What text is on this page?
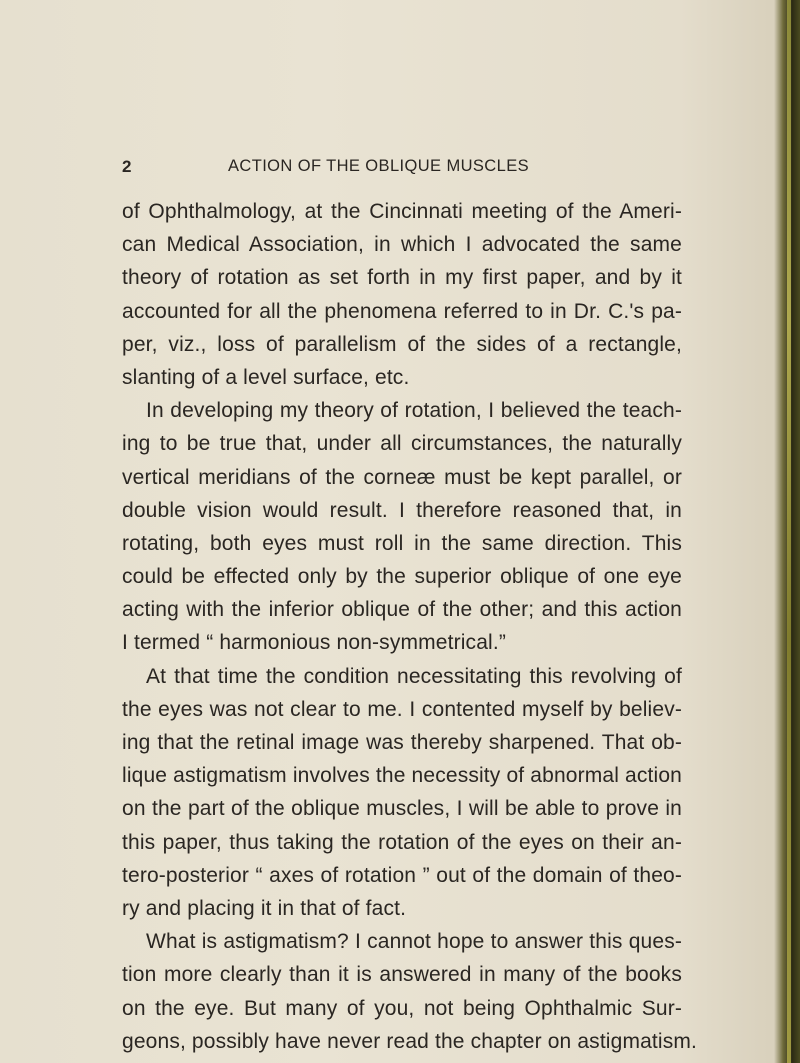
2	ACTION OF THE OBLIQUE MUSCLES
of Ophthalmology, at the Cincinnati meeting of the Ameri-
can Medical Association, in which I advocated the same
theory of rotation as set forth in my first paper, and by it
accounted for all the phenomena referred to in Dr. C.'s pa-
per, viz., loss of parallelism of the sides of a rectangle,
slanting of a level surface, etc.
In developing my theory of rotation, I believed the teach-
ing to be true that, under all circumstances, the naturally
vertical meridians of the corneæ must be kept parallel, or
double vision would result. I therefore reasoned that, in
rotating, both eyes must roll in the same direction. This
could be effected only by the superior oblique of one eye
acting with the inferior oblique of the other; and this action
I termed “ harmonious non-symmetrical.”
At that time the condition necessitating this revolving of
the eyes was not clear to me. I contented myself by believ-
ing that the retinal image was thereby sharpened. That ob-
lique astigmatism involves the necessity of abnormal action
on the part of the oblique muscles, I will be able to prove in
this paper, thus taking the rotation of the eyes on their an-
tero-posterior “ axes of rotation ” out of the domain of theo-
ry and placing it in that of fact.
What is astigmatism? I cannot hope to answer this ques-
tion more clearly than it is answered in many of the books
on the eye. But many of you, not being Ophthalmic Sur-
geons, possibly have never read the chapter on astigmatism.
